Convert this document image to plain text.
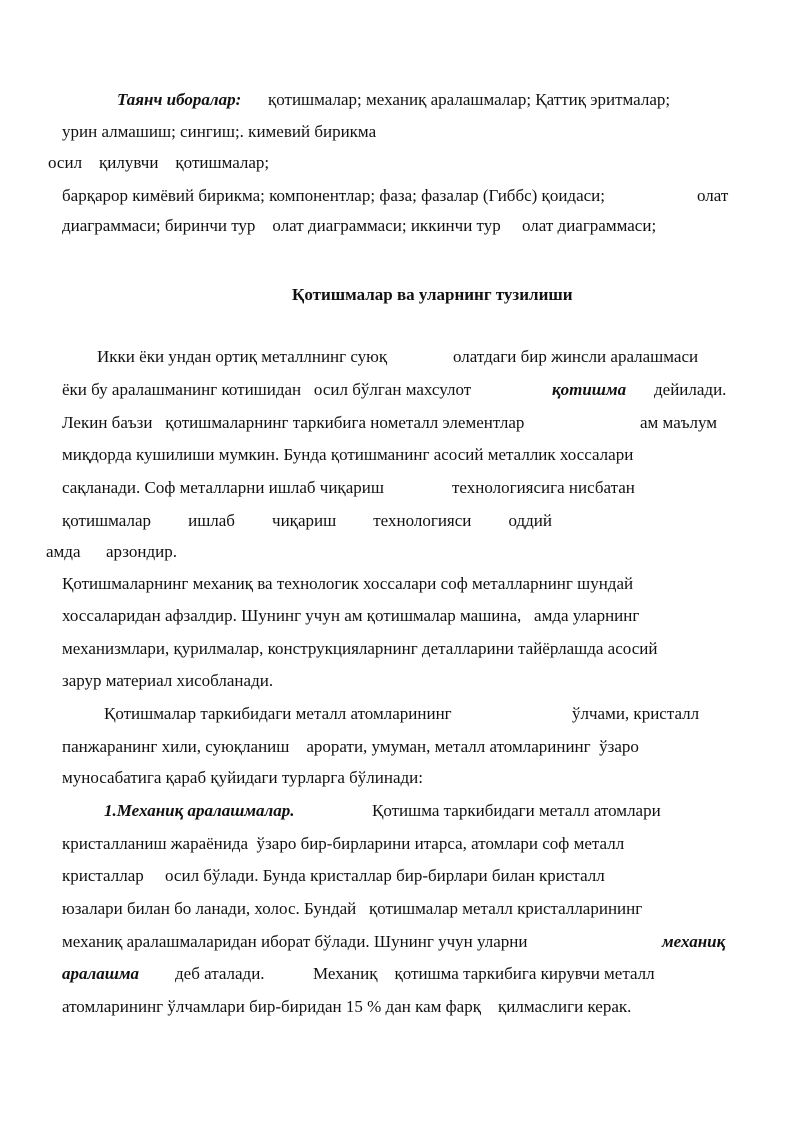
Таянч иборалар: қотишмалар; механиқ аралашмалар; Қаттиқ эритмалар;
урин алмашиш; сингиш;. кимевий бирикма
осил    қилувчи    қотишмалар;
барқарор кимёвий бирикма; компонентлар; фаза; фазалар (Гиббс) қоидаси;	олат
диаграммаси; биринчи тур    олат диаграммаси; иккинчи тур     олат диаграммаси;
Қотишмалар ва уларнинг тузилиши
Икки ёки ундан ортиқ металлнинг суюқ	олатдаги бир жинсли аралашмаси
ёки бу аралашманинг котишидан   осил бўлган махсулот	қотишма дейилади.
Лекин баъзи   қотишмаларнинг таркибига нометалл элементлар	ам маълум
миқдорда кушилиши мумкин. Бунда қотишманинг асосий металлик хоссалари
сақланади. Соф металларни ишлаб чиқариш	технологиясига нисбатан
қотишмалар ишлаб чиқариш технологияси оддий
амда      арзондир.
Қотишмаларнинг механиқ ва технологик хоссалари соф металларнинг шундай
хоссаларидан афзалдир. Шунинг учун ам қотишмалар машина,   амда уларнинг
механизмлари, қурилмалар, конструкцияларнинг деталларини тайёрлашда асосий
зарур материал хисобланади.
Қотишмалар таркибидаги металл атомларининг	ўлчами, кристалл
панжаранинг хили, суюқланиш    арорати, умуман, металл атомларининг  ўзаро
муносабатига қараб қуйидаги турларга бўлинади:
1.Механиқ аралашмалар.	Қотишма таркибидаги металл атомлари
кристалланиш жараёнида  ўзаро бир-бирларини итарса, атомлари соф металл
кристаллар     осил бўлади. Бунда кристаллар бир-бирлари билан кристалл
юзалари билан бо ланади, холос. Бундай   қотишмалар металл кристалларининг
механиқ аралашмаларидан иборат бўлади. Шунинг учун уларни	механиқ
аралашма деб аталади.	Механиқ    қотишма таркибига кирувчи металл
атомларининг ўлчамлари бир-биридан 15 % дан кам фарқ    қилмаслиги керак.
